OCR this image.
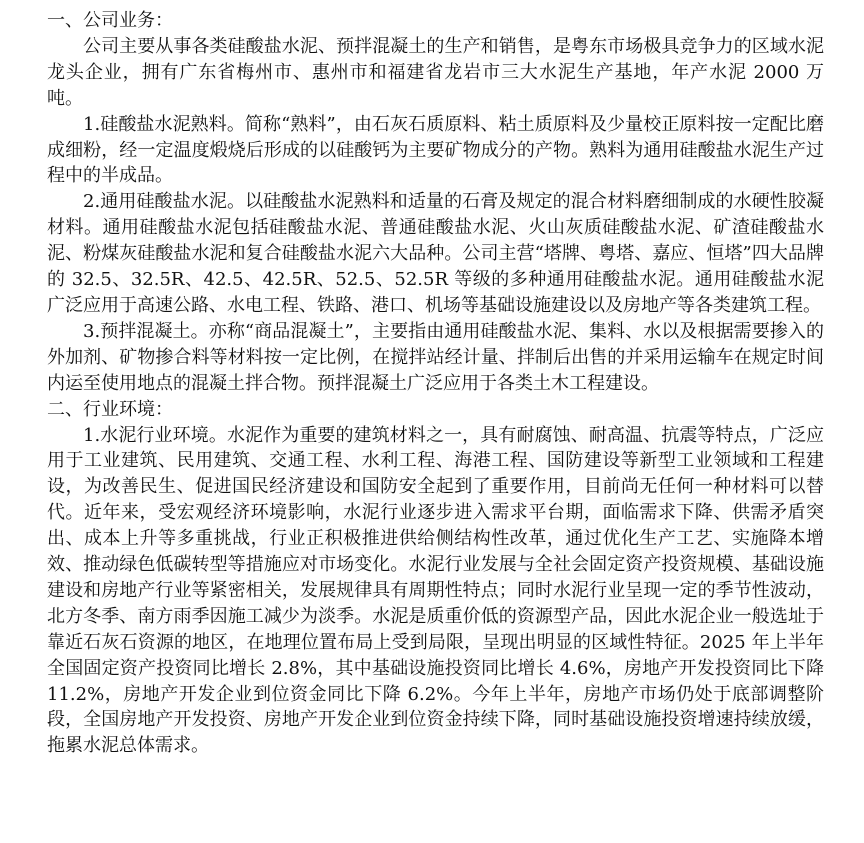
一、公司业务：

公司主要从事各类硅酸盐水泥、预拌混凝土的生产和销售，是粤东市场极具竞争力的区域水泥龙头企业，拥有广东省梅州市、惠州市和福建省龙岩市三大水泥生产基地，年产水泥 2000 万吨。

1.硅酸盐水泥熟料。简称“熟料”，由石灰石质原料、粘土质原料及少量校正原料按一定配比磨成细粉，经一定温度煅烧后形成的以硅酸钙为主要矿物成分的产物。熟料为通用硅酸盐水泥生产过程中的半成品。

2.通用硅酸盐水泥。以硅酸盐水泥熟料和适量的石膏及规定的混合材料磨细制成的水硬性胶凝材料。通用硅酸盐水泥包括硅酸盐水泥、普通硅酸盐水泥、火山灰质硅酸盐水泥、矿渣硅酸盐水泥、粉煤灰硅酸盐水泥和复合硅酸盐水泥六大品种。公司主营“塔牌、粤塔、嘉应、恒塔”四大品牌的 32.5、32.5R、42.5、42.5R、52.5、52.5R 等级的多种通用硅酸盐水泥。通用硅酸盐水泥广泛应用于高速公路、水电工程、铁路、港口、机场等基础设施建设以及房地产等各类建筑工程。

3.预拌混凝土。亦称“商品混凝土”，主要指由通用硅酸盐水泥、集料、水以及根据需要掺入的外加剂、矿物掺合料等材料按一定比例，在搅拌站经计量、拌制后出售的并采用运输车在规定时间内运至使用地点的混凝土拌合物。预拌混凝土广泛应用于各类土木工程建设。

二、行业环境：

1.水泥行业环境。水泥作为重要的建筑材料之一，具有耐腐蚀、耐高温、抗震等特点，广泛应用于工业建筑、民用建筑、交通工程、水利工程、海港工程、国防建设等新型工业领域和工程建设，为改善民生、促进国民经济建设和国防安全起到了重要作用，目前尚无任何一种材料可以替代。近年来，受宏观经济环境影响，水泥行业逐步进入需求平台期，面临需求下降、供需矛盾突出、成本上升等多重挑战，行业正积极推进供给侧结构性改革，通过优化生产工艺、实施降本增效、推动绿色低碳转型等措施应对市场变化。水泥行业发展与全社会固定资产投资规模、基础设施建设和房地产行业等紧密相关，发展规律具有周期性特点；同时水泥行业呈现一定的季节性波动，北方冬季、南方雨季因施工减少为淡季。水泥是质重价低的资源型产品，因此水泥企业一般选址于靠近石灰石资源的地区，在地理位置布局上受到局限，呈现出明显的区域性特征。2025 年上半年全国固定资产投资同比增长 2.8%，其中基础设施投资同比增长 4.6%，房地产开发投资同比下降 11.2%，房地产开发企业到位资金同比下降 6.2%。今年上半年，房地产市场仍处于底部调整阶段，全国房地产开发投资、房地产开发企业到位资金持续下降，同时基础设施投资增速持续放缓，拖累水泥总体需求。
